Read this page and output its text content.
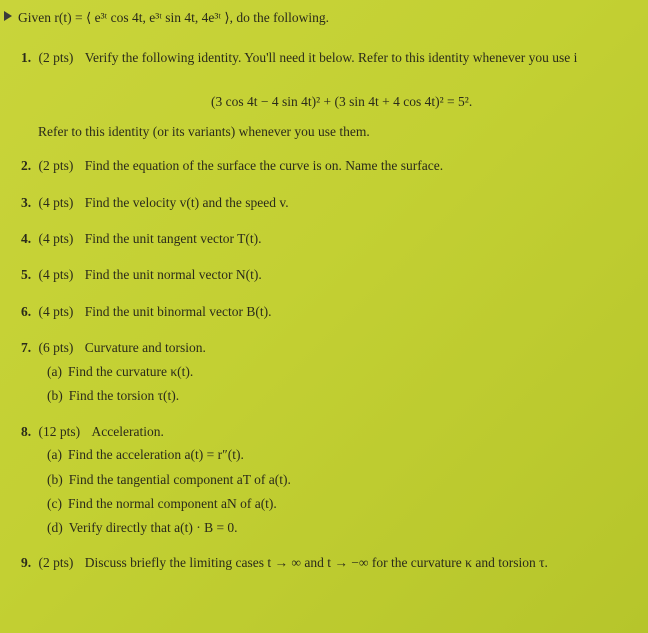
Given r(t) = ⟨ e³ᵗ cos 4t, e³ᵗ sin 4t, 4e³ᵗ ⟩, do the following.
1. (2 pts) Verify the following identity. You'll need it below. Refer to this identity whenever you use i
(3 cos 4t − 4 sin 4t)² + (3 sin 4t + 4 cos 4t)² = 5².
Refer to this identity (or its variants) whenever you use them.
2. (2 pts) Find the equation of the surface the curve is on. Name the surface.
3. (4 pts) Find the velocity v(t) and the speed v.
4. (4 pts) Find the unit tangent vector T(t).
5. (4 pts) Find the unit normal vector N(t).
6. (4 pts) Find the unit binormal vector B(t).
7. (6 pts) Curvature and torsion.
(a) Find the curvature κ(t).
(b) Find the torsion τ(t).
8. (12 pts) Acceleration.
(a) Find the acceleration a(t) = r″(t).
(b) Find the tangential component aT of a(t).
(c) Find the normal component aN of a(t).
(d) Verify directly that a(t) · B = 0.
9. (2 pts) Discuss briefly the limiting cases t → ∞ and t → −∞ for the curvature κ and torsion τ.
